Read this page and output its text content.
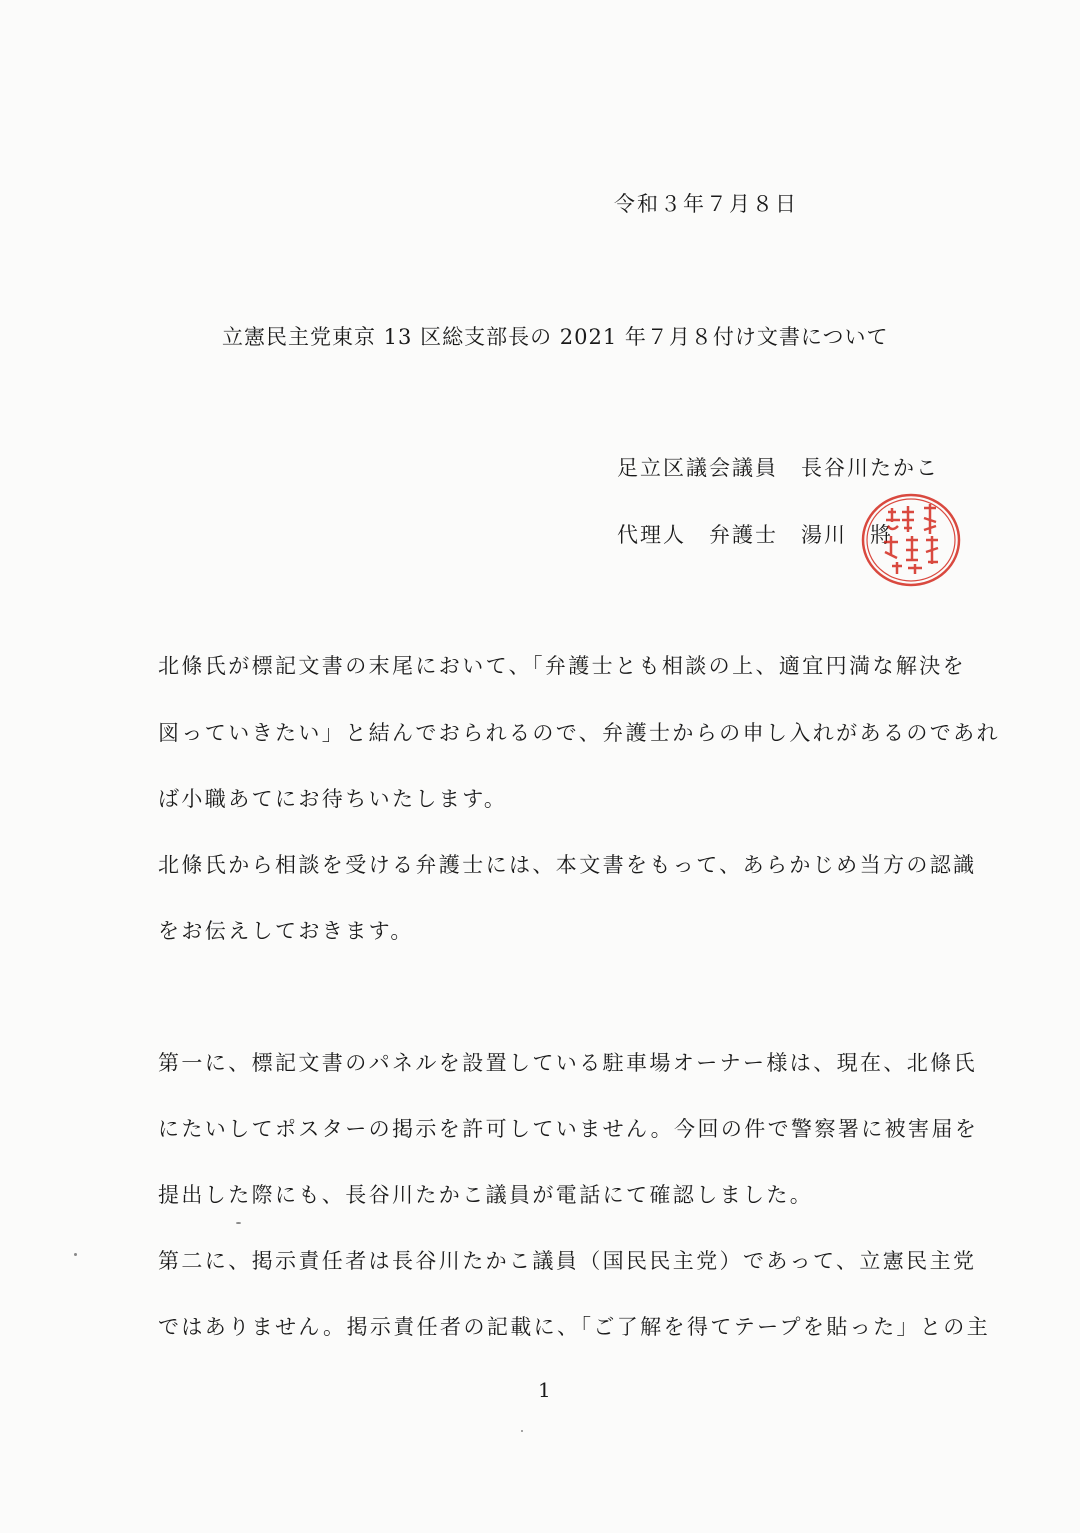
令和３年７月８日
立憲民主党東京 13 区総支部長の 2021 年７月８付け文書について
足立区議会議員　長谷川たかこ
代理人　弁護士　湯川　將
北條氏が標記文書の末尾において、「弁護士とも相談の上、適宜円満な解決を
図っていきたい」と結んでおられるので、弁護士からの申し入れがあるのであれ
ば小職あてにお待ちいたします。
北條氏から相談を受ける弁護士には、本文書をもって、あらかじめ当方の認識
をお伝えしておきます。
第一に、標記文書のパネルを設置している駐車場オーナー様は、現在、北條氏
にたいしてポスターの掲示を許可していません。今回の件で警察署に被害届を
提出した際にも、長谷川たかこ議員が電話にて確認しました。
第二に、掲示責任者は長谷川たかこ議員（国民民主党）であって、立憲民主党
ではありません。掲示責任者の記載に、「ご了解を得てテープを貼った」との主
1
